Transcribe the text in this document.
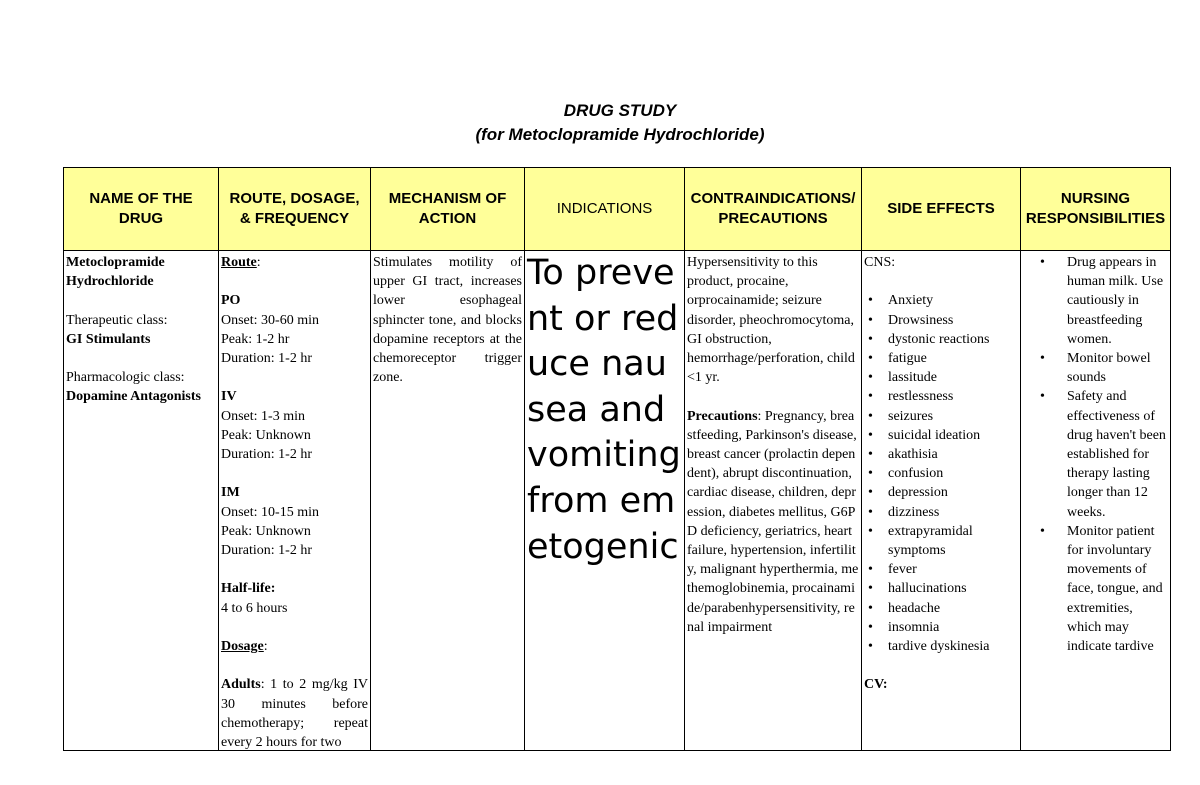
DRUG STUDY
(for Metoclopramide Hydrochloride)
NAME OF THE DRUG
ROUTE, DOSAGE, & FREQUENCY
MECHANISM OF ACTION
INDICATIONS
CONTRAINDICATIONS/ PRECAUTIONS
SIDE EFFECTS
NURSING RESPONSIBILITIES
Metoclopramide Hydrochloride
Therapeutic class:
GI Stimulants
Pharmacologic class:
Dopamine Antagonists
Route:
PO
Onset: 30-60 min
Peak: 1-2 hr
Duration: 1-2 hr
IV
Onset: 1-3 min
Peak: Unknown
Duration: 1-2 hr
IM
Onset: 10-15 min
Peak: Unknown
Duration: 1-2 hr
Half-life:
4 to 6 hours
Dosage:
Adults: 1 to 2 mg/kg IV 30 minutes before chemotherapy; repeat every 2 hours for two
Stimulates motility of upper GI tract, increases lower esophageal sphincter tone, and blocks dopamine receptors at the chemoreceptor trigger zone.
To prevent or reduce nausea and vomiting from emetogenic
Hypersensitivity to this product, procaine, orprocainamide; seizure disorder, pheochromocytoma, GI obstruction, hemorrhage/perforation, child <1 yr.
Precautions: Pregnancy, breastfeeding, Parkinson's disease, breast cancer (prolactin dependent), abrupt discontinuation, cardiac disease, children, depression, diabetes mellitus, G6PD deficiency, geriatrics, heart failure, hypertension, infertility, malignant hyperthermia, methemoglobinemia, procainamide/parabenhypersensitivity, renal impairment
CNS:
• Anxiety
• Drowsiness
• dystonic reactions
• fatigue
• lassitude
• restlessness
• seizures
• suicidal ideation
• akathisia
• confusion
• depression
• dizziness
• extrapyramidal symptoms
• fever
• hallucinations
• headache
• insomnia
• tardive dyskinesia
CV:
• Drug appears in human milk. Use cautiously in breastfeeding women.
• Monitor bowel sounds
• Safety and effectiveness of drug haven't been established for therapy lasting longer than 12 weeks.
• Monitor patient for involuntary movements of face, tongue, and extremities, which may indicate tardive
